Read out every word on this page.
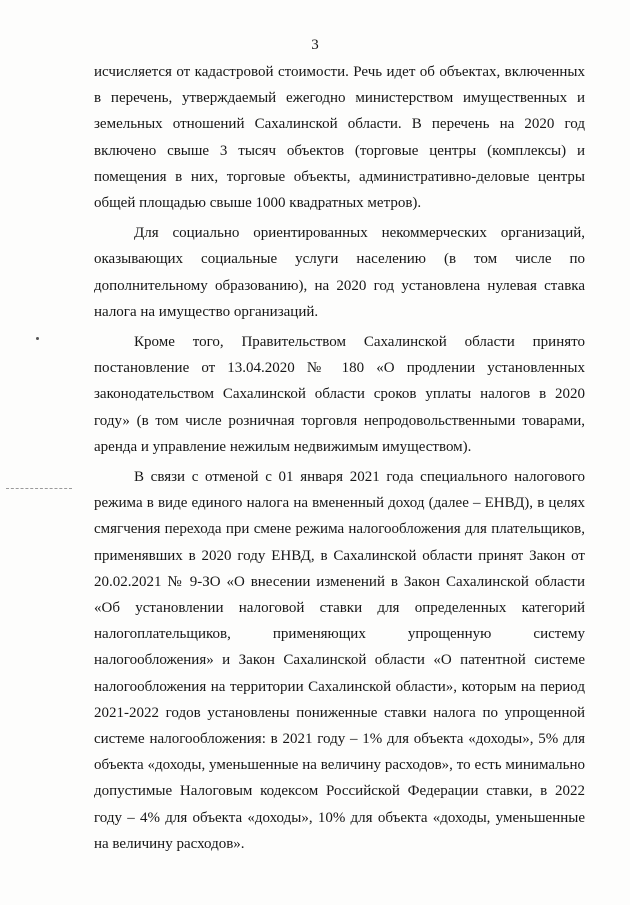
3

исчисляется от кадастровой стоимости. Речь идет об объектах, включенных в перечень, утверждаемый ежегодно министерством имущественных и земельных отношений Сахалинской области. В перечень на 2020 год включено свыше 3 тысяч объектов (торговые центры (комплексы) и помещения в них, торговые объекты, административно-деловые центры общей площадью свыше 1000 квадратных метров).

Для социально ориентированных некоммерческих организаций, оказывающих социальные услуги населению (в том числе по дополнительному образованию), на 2020 год установлена нулевая ставка налога на имущество организаций.

Кроме того, Правительством Сахалинской области принято постановление от 13.04.2020 № 180 «О продлении установленных законодательством Сахалинской области сроков уплаты налогов в 2020 году» (в том числе розничная торговля непродовольственными товарами, аренда и управление нежилым недвижимым имуществом).

В связи с отменой с 01 января 2021 года специального налогового режима в виде единого налога на вмененный доход (далее – ЕНВД), в целях смягчения перехода при смене режима налогообложения для плательщиков, применявших в 2020 году ЕНВД, в Сахалинской области принят Закон от 20.02.2021 № 9-ЗО «О внесении изменений в Закон Сахалинской области «Об установлении налоговой ставки для определенных категорий налогоплательщиков, применяющих упрощенную систему налогообложения» и Закон Сахалинской области «О патентной системе налогообложения на территории Сахалинской области», которым на период 2021-2022 годов установлены пониженные ставки налога по упрощенной системе налогообложения: в 2021 году – 1% для объекта «доходы», 5% для объекта «доходы, уменьшенные на величину расходов», то есть минимально допустимые Налоговым кодексом Российской Федерации ставки, в 2022 году – 4% для объекта «доходы», 10% для объекта «доходы, уменьшенные на величину расходов».
